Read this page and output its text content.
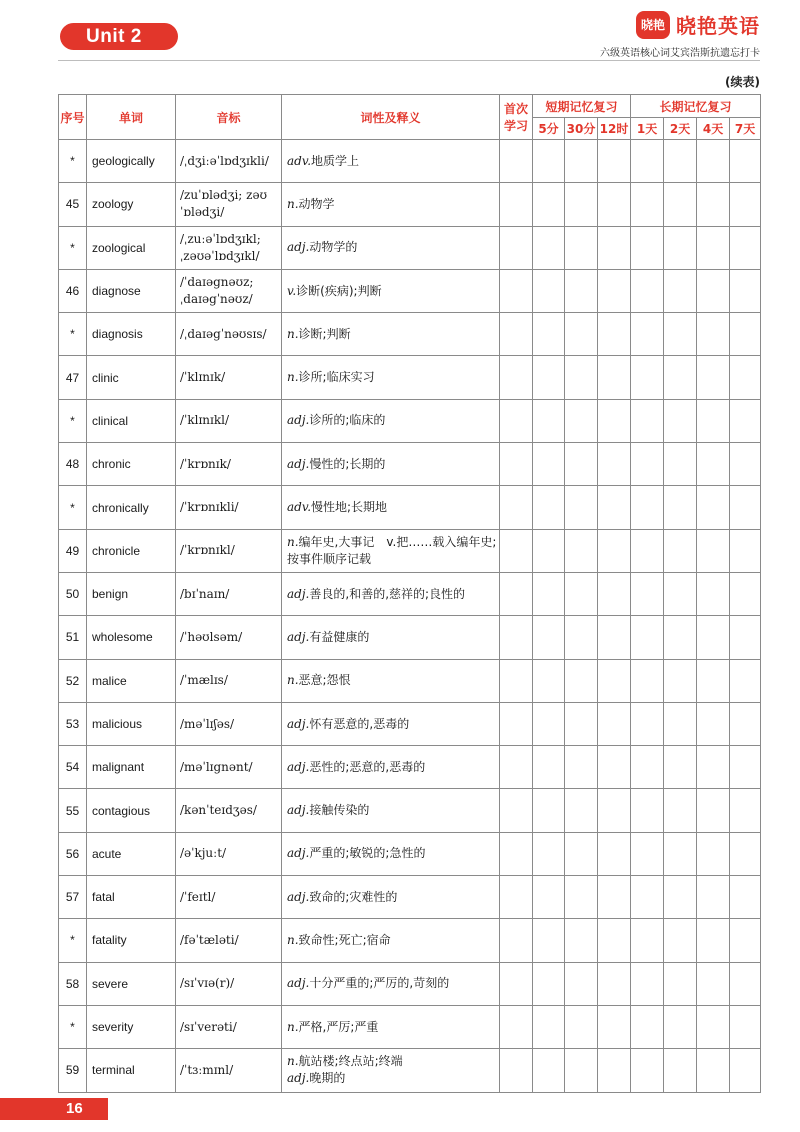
Unit 2
晓艳 晓艳英语
六级英语核心词艾宾浩斯抗遗忘打卡
(续表)
序号	单词	音标	词性及释义	首次学习	短期记忆复习			长期记忆复习			
					5分	30分	12时	1天	2天	4天	7天
*	geologically	/ˌdʒiːəˈlɒdʒɪkli/	adv.地质学上								
45	zoology	/zuˈɒlədʒi; zəʊˈɒlədʒi/	n.动物学								
*	zoological	/ˌzuːəˈlɒdʒɪkl; ˌzəʊəˈlɒdʒɪkl/	adj.动物学的								
46	diagnose	/ˈdaɪəgnəʊz; ˌdaɪəgˈnəʊz/	v.诊断(疾病);判断								
*	diagnosis	/ˌdaɪəgˈnəʊsɪs/	n.诊断;判断								
47	clinic	/ˈklɪnɪk/	n.诊所;临床实习								
*	clinical	/ˈklɪnɪkl/	adj.诊所的;临床的								
48	chronic	/ˈkrɒnɪk/	adj.慢性的;长期的								
*	chronically	/ˈkrɒnɪkli/	adv.慢性地;长期地								
49	chronicle	/ˈkrɒnɪkl/	n.编年史,大事记　v.把……载入编年史;按事件顺序记载								
50	benign	/bɪˈnaɪn/	adj.善良的,和善的,慈祥的;良性的								
51	wholesome	/ˈhəʊlsəm/	adj.有益健康的								
52	malice	/ˈmælɪs/	n.恶意;怨恨								
53	malicious	/məˈlɪʃəs/	adj.怀有恶意的,恶毒的								
54	malignant	/məˈlɪgnənt/	adj.恶性的;恶意的,恶毒的								
55	contagious	/kənˈteɪdʒəs/	adj.接触传染的								
56	acute	/əˈkjuːt/	adj.严重的;敏锐的;急性的								
57	fatal	/ˈfeɪtl/	adj.致命的;灾难性的								
*	fatality	/fəˈtæləti/	n.致命性;死亡;宿命								
58	severe	/sɪˈvɪə(r)/	adj.十分严重的;严厉的,苛刻的								
*	severity	/sɪˈverəti/	n.严格,严厉;严重								
59	terminal	/ˈtɜːmɪnl/	n.航站楼;终点站;终端
adj.晚期的								
16
